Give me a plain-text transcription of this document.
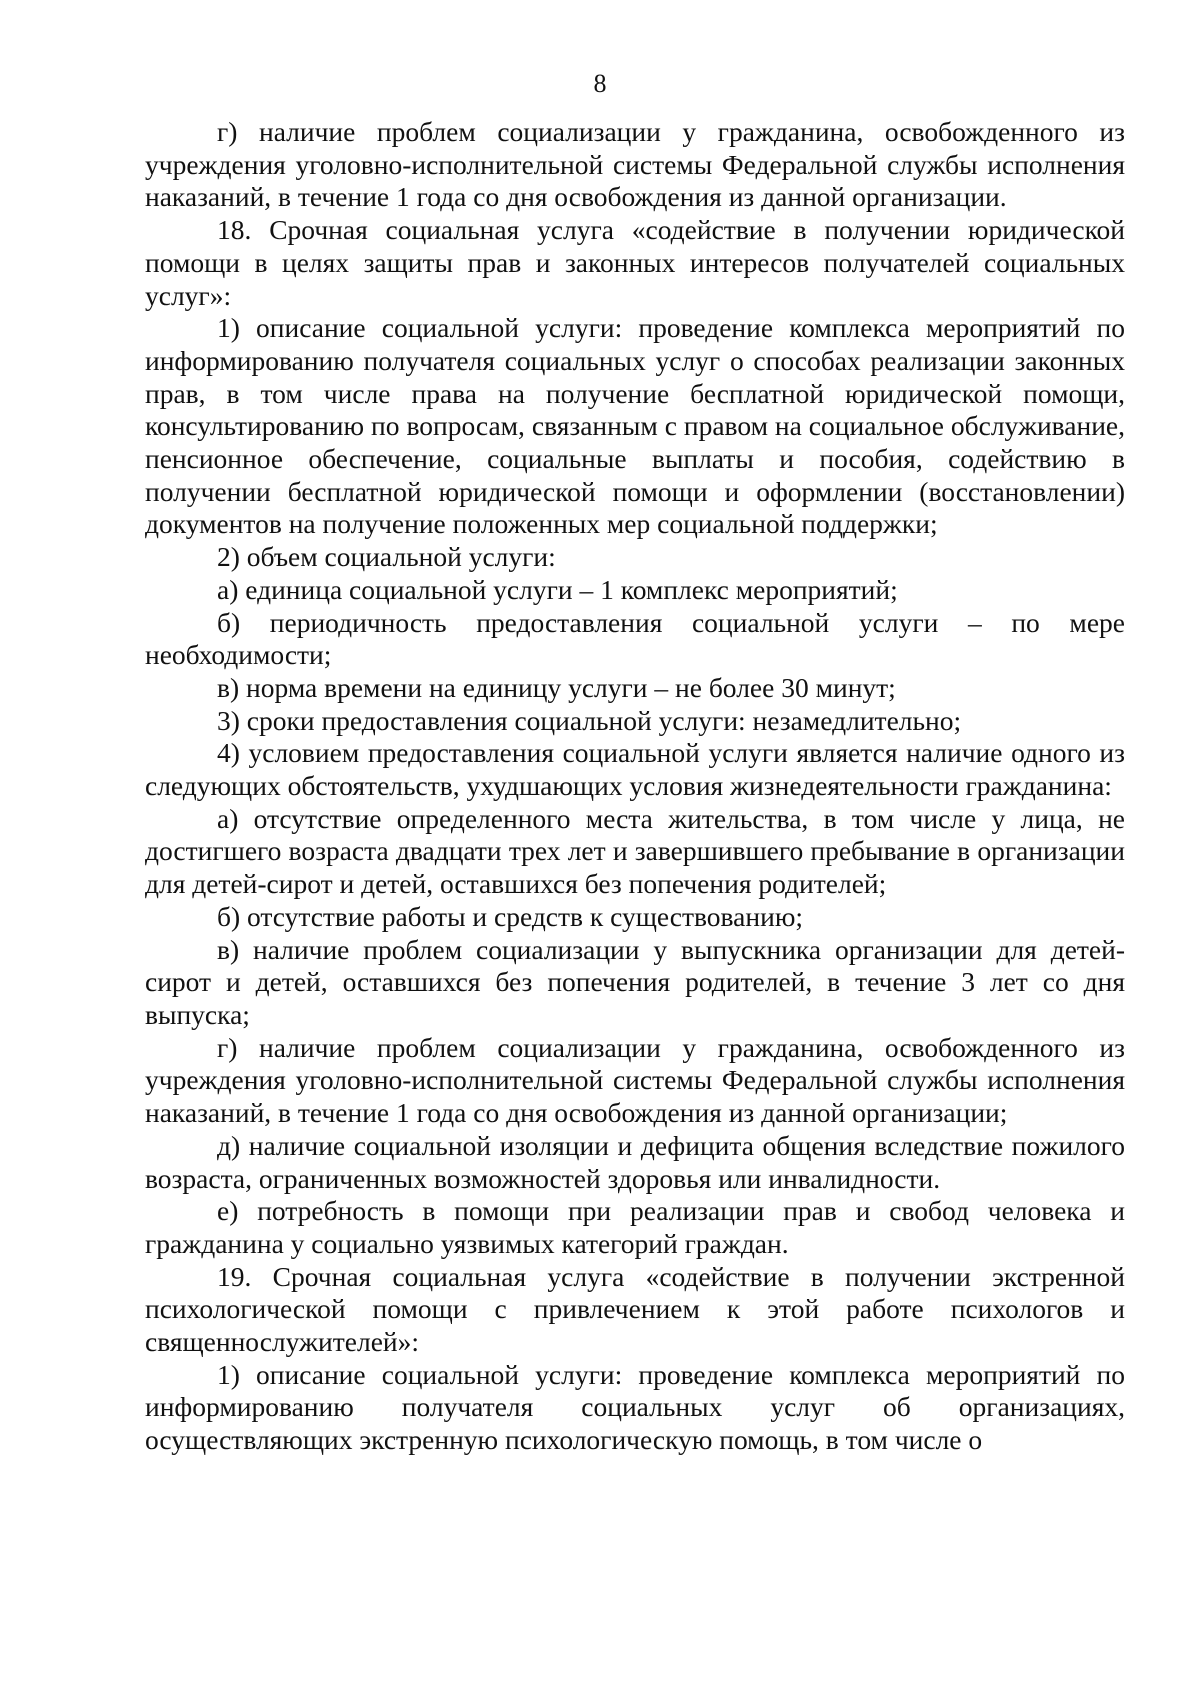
8

г) наличие проблем социализации у гражданина, освобожденного из учреждения уголовно-исполнительной системы Федеральной службы исполнения наказаний, в течение 1 года со дня освобождения из данной организации.

18. Срочная социальная услуга «содействие в получении юридической помощи в целях защиты прав и законных интересов получателей социальных услуг»:

1) описание социальной услуги: проведение комплекса мероприятий по информированию получателя социальных услуг о способах реализации законных прав, в том числе права на получение бесплатной юридической помощи, консультированию по вопросам, связанным с правом на социальное обслуживание, пенсионное обеспечение, социальные выплаты и пособия, содействию в получении бесплатной юридической помощи и оформлении (восстановлении) документов на получение положенных мер социальной поддержки;

2) объем социальной услуги:

а) единица социальной услуги – 1 комплекс мероприятий;

б) периодичность предоставления социальной услуги – по мере необходимости;

в) норма времени на единицу услуги – не более 30 минут;

3) сроки предоставления социальной услуги: незамедлительно;

4) условием предоставления социальной услуги является наличие одного из следующих обстоятельств, ухудшающих условия жизнедеятельности гражданина:

а) отсутствие определенного места жительства, в том числе у лица, не достигшего возраста двадцати трех лет и завершившего пребывание в организации для детей-сирот и детей, оставшихся без попечения родителей;

б) отсутствие работы и средств к существованию;

в) наличие проблем социализации у выпускника организации для детей-сирот и детей, оставшихся без попечения родителей, в течение 3 лет со дня выпуска;

г) наличие проблем социализации у гражданина, освобожденного из учреждения уголовно-исполнительной системы Федеральной службы исполнения наказаний, в течение 1 года со дня освобождения из данной организации;

д) наличие социальной изоляции и дефицита общения вследствие пожилого возраста, ограниченных возможностей здоровья или инвалидности.

е) потребность в помощи при реализации прав и свобод человека и гражданина у социально уязвимых категорий граждан.

19. Срочная социальная услуга «содействие в получении экстренной психологической помощи с привлечением к этой работе психологов и священнослужителей»:

1) описание социальной услуги: проведение комплекса мероприятий по информированию получателя социальных услуг об организациях, осуществляющих экстренную психологическую помощь, в том числе о
